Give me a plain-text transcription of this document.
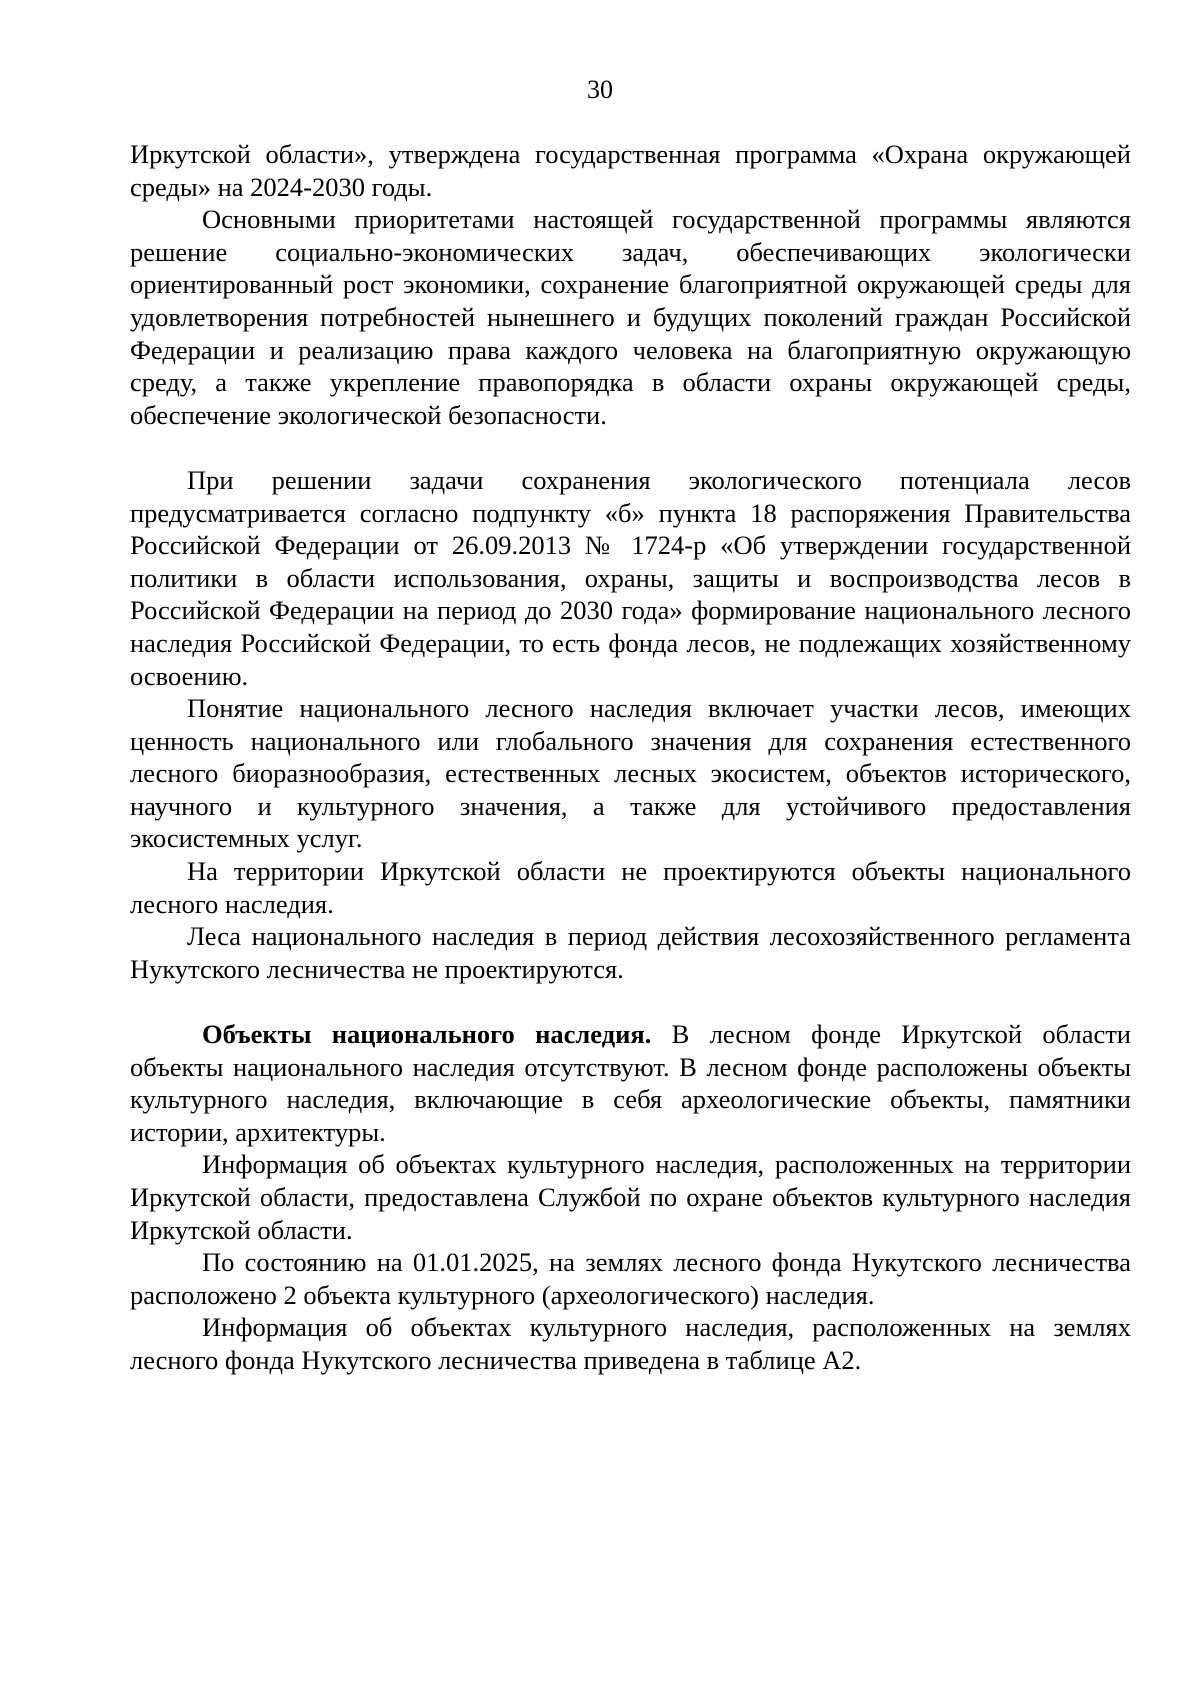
30

Иркутской области», утверждена государственная программа «Охрана окружающей среды» на 2024-2030 годы.

Основными приоритетами настоящей государственной программы являются решение социально-экономических задач, обеспечивающих экологически ориентированный рост экономики, сохранение благоприятной окружающей среды для удовлетворения потребностей нынешнего и будущих поколений граждан Российской Федерации и реализацию права каждого человека на благоприятную окружающую среду, а также укрепление правопорядка в области охраны окружающей среды, обеспечение экологической безопасности.

При решении задачи сохранения экологического потенциала лесов предусматривается согласно подпункту «б» пункта 18 распоряжения Правительства Российской Федерации от 26.09.2013 № 1724-р «Об утверждении государственной политики в области использования, охраны, защиты и воспроизводства лесов в Российской Федерации на период до 2030 года» формирование национального лесного наследия Российской Федерации, то есть фонда лесов, не подлежащих хозяйственному освоению.

Понятие национального лесного наследия включает участки лесов, имеющих ценность национального или глобального значения для сохранения естественного лесного биоразнообразия, естественных лесных экосистем, объектов исторического, научного и культурного значения, а также для устойчивого предоставления экосистемных услуг.

На территории Иркутской области не проектируются объекты национального лесного наследия.

Леса национального наследия в период действия лесохозяйственного регламента Нукутского лесничества не проектируются.

Объекты национального наследия. В лесном фонде Иркутской области объекты национального наследия отсутствуют. В лесном фонде расположены объекты культурного наследия, включающие в себя археологические объекты, памятники истории, архитектуры.

Информация об объектах культурного наследия, расположенных на территории Иркутской области, предоставлена Службой по охране объектов культурного наследия Иркутской области.

По состоянию на 01.01.2025, на землях лесного фонда Нукутского лесничества расположено 2 объекта культурного (археологического) наследия.

Информация об объектах культурного наследия, расположенных на землях лесного фонда Нукутского лесничества приведена в таблице А2.
